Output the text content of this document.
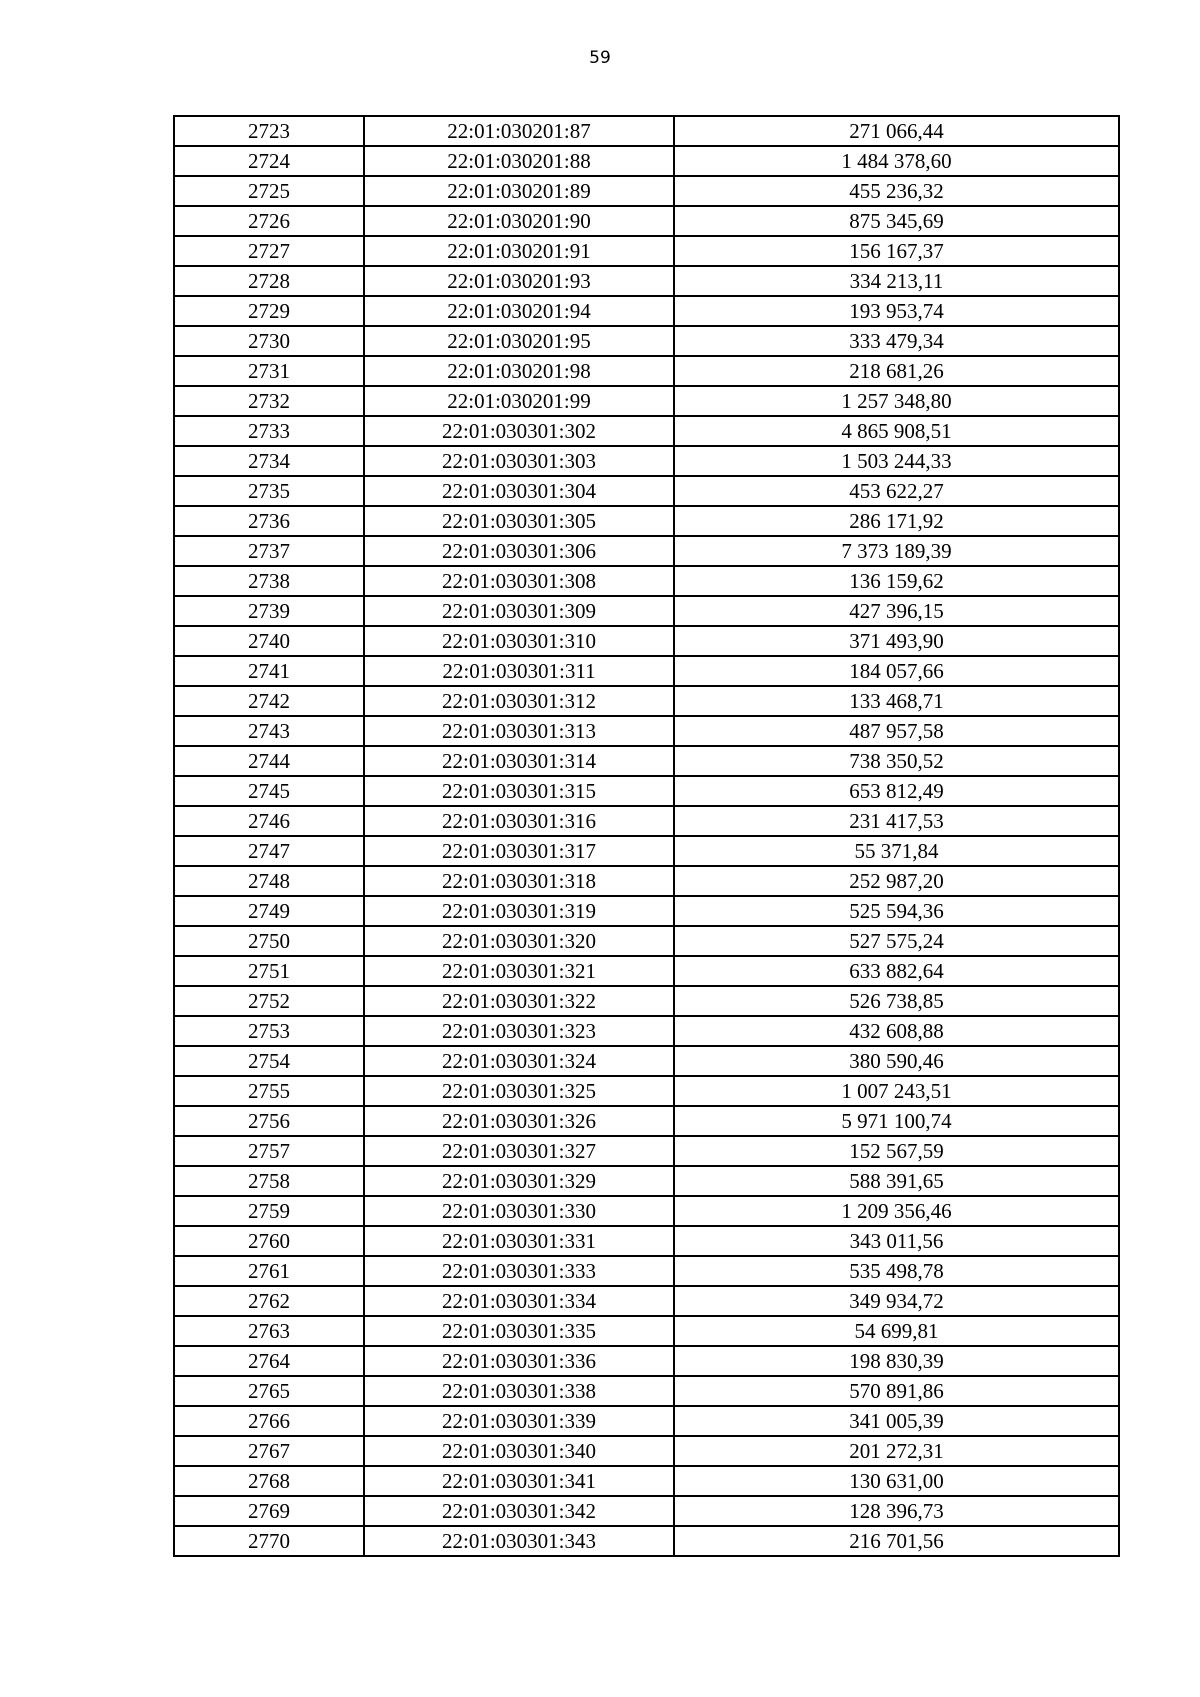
59
2723	22:01:030201:87	271 066,44
2724	22:01:030201:88	1 484 378,60
2725	22:01:030201:89	455 236,32
2726	22:01:030201:90	875 345,69
2727	22:01:030201:91	156 167,37
2728	22:01:030201:93	334 213,11
2729	22:01:030201:94	193 953,74
2730	22:01:030201:95	333 479,34
2731	22:01:030201:98	218 681,26
2732	22:01:030201:99	1 257 348,80
2733	22:01:030301:302	4 865 908,51
2734	22:01:030301:303	1 503 244,33
2735	22:01:030301:304	453 622,27
2736	22:01:030301:305	286 171,92
2737	22:01:030301:306	7 373 189,39
2738	22:01:030301:308	136 159,62
2739	22:01:030301:309	427 396,15
2740	22:01:030301:310	371 493,90
2741	22:01:030301:311	184 057,66
2742	22:01:030301:312	133 468,71
2743	22:01:030301:313	487 957,58
2744	22:01:030301:314	738 350,52
2745	22:01:030301:315	653 812,49
2746	22:01:030301:316	231 417,53
2747	22:01:030301:317	55 371,84
2748	22:01:030301:318	252 987,20
2749	22:01:030301:319	525 594,36
2750	22:01:030301:320	527 575,24
2751	22:01:030301:321	633 882,64
2752	22:01:030301:322	526 738,85
2753	22:01:030301:323	432 608,88
2754	22:01:030301:324	380 590,46
2755	22:01:030301:325	1 007 243,51
2756	22:01:030301:326	5 971 100,74
2757	22:01:030301:327	152 567,59
2758	22:01:030301:329	588 391,65
2759	22:01:030301:330	1 209 356,46
2760	22:01:030301:331	343 011,56
2761	22:01:030301:333	535 498,78
2762	22:01:030301:334	349 934,72
2763	22:01:030301:335	54 699,81
2764	22:01:030301:336	198 830,39
2765	22:01:030301:338	570 891,86
2766	22:01:030301:339	341 005,39
2767	22:01:030301:340	201 272,31
2768	22:01:030301:341	130 631,00
2769	22:01:030301:342	128 396,73
2770	22:01:030301:343	216 701,56
